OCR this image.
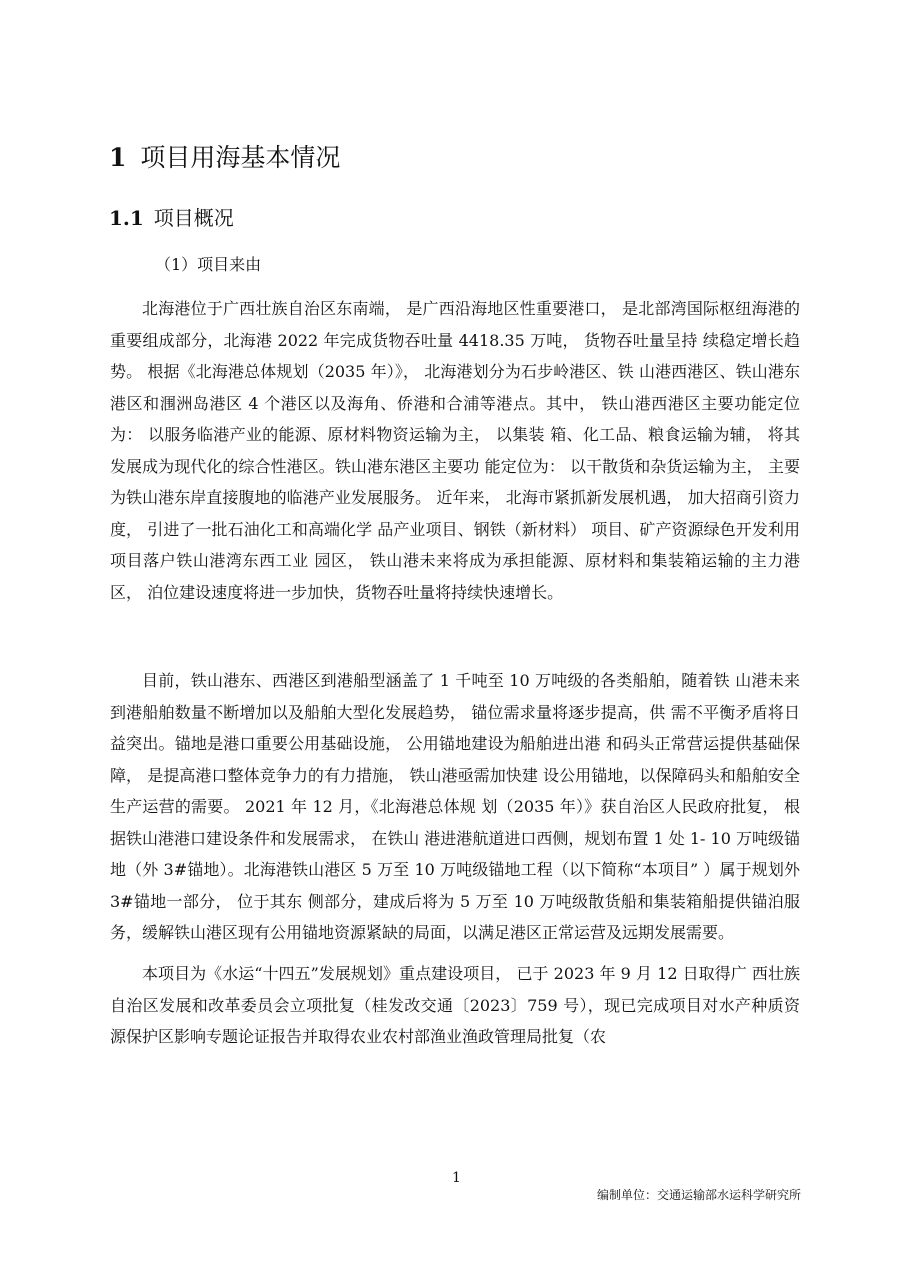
1 项目用海基本情况
1.1 项目概况
（1）项目来由

北海港位于广西壮族自治区东南端， 是广西沿海地区性重要港口， 是北部湾国际枢纽海港的重要组成部分，北海港 2022 年完成货物吞吐量 4418.35 万吨， 货物吞吐量呈持 续稳定增长趋势。 根据《北海港总体规划（2035 年）》， 北海港划分为石步岭港区、铁 山港西港区、铁山港东港区和涠洲岛港区 4 个港区以及海角、侨港和合浦等港点。其中， 铁山港西港区主要功能定位为： 以服务临港产业的能源、原材料物资运输为主， 以集装 箱、化工品、粮食运输为辅， 将其发展成为现代化的综合性港区。铁山港东港区主要功 能定位为： 以干散货和杂货运输为主， 主要为铁山港东岸直接腹地的临港产业发展服务。 近年来， 北海市紧抓新发展机遇， 加大招商引资力度， 引进了一批石油化工和高端化学 品产业项目、钢铁（新材料） 项目、矿产资源绿色开发利用项目落户铁山港湾东西工业 园区， 铁山港未来将成为承担能源、原材料和集装箱运输的主力港区， 泊位建设速度将进一步加快，货物吞吐量将持续快速增长。

目前，铁山港东、西港区到港船型涵盖了 1 千吨至 10 万吨级的各类船舶，随着铁 山港未来到港船舶数量不断增加以及船舶大型化发展趋势， 锚位需求量将逐步提高，供 需不平衡矛盾将日益突出。锚地是港口重要公用基础设施， 公用锚地建设为船舶进出港 和码头正常营运提供基础保障， 是提高港口整体竞争力的有力措施， 铁山港亟需加快建 设公用锚地，以保障码头和船舶安全生产运营的需要。 2021 年 12 月，《北海港总体规 划（2035 年）》获自治区人民政府批复， 根据铁山港港口建设条件和发展需求， 在铁山 港进港航道进口西侧，规划布置 1 处 1- 10 万吨级锚地（外 3#锚地）。北海港铁山港区 5 万至 10 万吨级锚地工程（以下简称“本项目” ）属于规划外 3#锚地一部分， 位于其东 侧部分，建成后将为 5 万至 10 万吨级散货船和集装箱船提供锚泊服务，缓解铁山港区现有公用锚地资源紧缺的局面，以满足港区正常运营及远期发展需要。

本项目为《水运“十四五”发展规划》重点建设项目， 已于 2023 年 9 月 12 日取得广 西壮族自治区发展和改革委员会立项批复（桂发改交通〔2023〕759 号），现已完成项目对水产种质资源保护区影响专题论证报告并取得农业农村部渔业渔政管理局批复（农

1
编制单位：交通运输部水运科学研究所
